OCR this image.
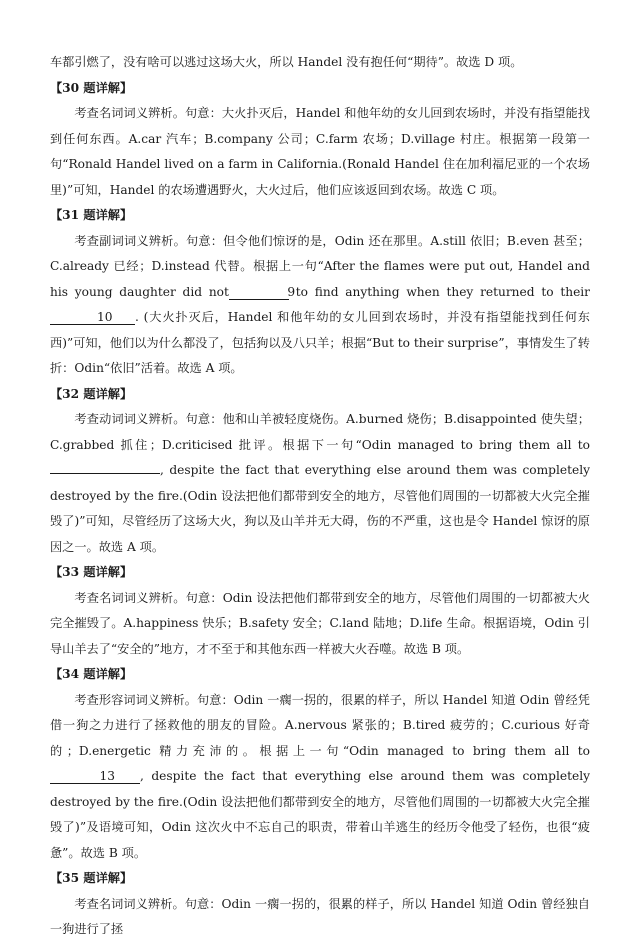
车都引燃了，没有啥可以逃过这场大火，所以 Handel 没有抱任何“期待”。故选 D 项。

【30 题详解】

考查名词词义辨析。句意：大火扑灭后，Handel 和他年幼的女儿回到农场时，并没有指望能找到任何东西。A.car 汽车；B.company 公司；C.farm 农场；D.village 村庄。根据第一段第一句“Ronald Handel lived on a farm in California.(Ronald Handel 住在加利福尼亚的一个农场里)”可知，Handel 的农场遭遇野火，大火过后，他们应该返回到农场。故选 C 项。

【31 题详解】

考查副词词义辨析。句意：但令他们惊讶的是，Odin 还在那里。A.still 依旧；B.even 甚至；C.already 已经；D.instead 代替。根据上一句“After the flames were put out, Handel and his young daughter did not	9 to find anything when they returned to their 10 . (大火扑灭后，Handel 和他年幼的女儿回到农场时，并没有指望能找到任何东西)”可知，他们以为什么都没了，包括狗以及八只羊；根据“But to their surprise”，事情发生了转折：Odin“依旧”活着。故选 A 项。

【32 题详解】

考查动词词义辨析。句意：他和山羊被轻度烧伤。A.burned 烧伤；B.disappointed 使失望；C.grabbed 抓住；D.criticised 批评。根据下一句“Odin managed to bring them all to , despite the fact that everything else around them was completely destroyed by the fire.(Odin 设法把他们都带到安全的地方，尽管他们周围的一切都被大火完全摧毁了)”可知，尽管经历了这场大火，狗以及山羊并无大碍，伤的不严重，这也是令 Handel 惊讶的原因之一。故选 A 项。

【33 题详解】

考查名词词义辨析。句意：Odin 设法把他们都带到安全的地方，尽管他们周围的一切都被大火完全摧毁了。A.happiness 快乐；B.safety 安全；C.land 陆地；D.life 生命。根据语境，Odin 引导山羊去了“安全的”地方，才不至于和其他东西一样被大火吞噬。故选 B 项。

【34 题详解】

考查形容词词义辨析。句意：Odin 一瘸一拐的，很累的样子，所以 Handel 知道 Odin 曾经凭借一狗之力进行了拯救他的朋友的冒险。A.nervous 紧张的；B.tired 疲劳的；C.curious 好奇的；D.energetic 精力充沛的。根据上一句“Odin managed to bring them all to 13 , despite the fact that everything else around them was completely destroyed by the fire.(Odin 设法把他们都带到安全的地方，尽管他们周围的一切都被大火完全摧毁了)”及语境可知，Odin 这次火中不忘自己的职责，带着山羊逃生的经历令他受了轻伤，也很“疲惫”。故选 B 项。

【35 题详解】

考查名词词义辨析。句意：Odin 一瘸一拐的，很累的样子，所以 Handel 知道 Odin 曾经独自一狗进行了拯
